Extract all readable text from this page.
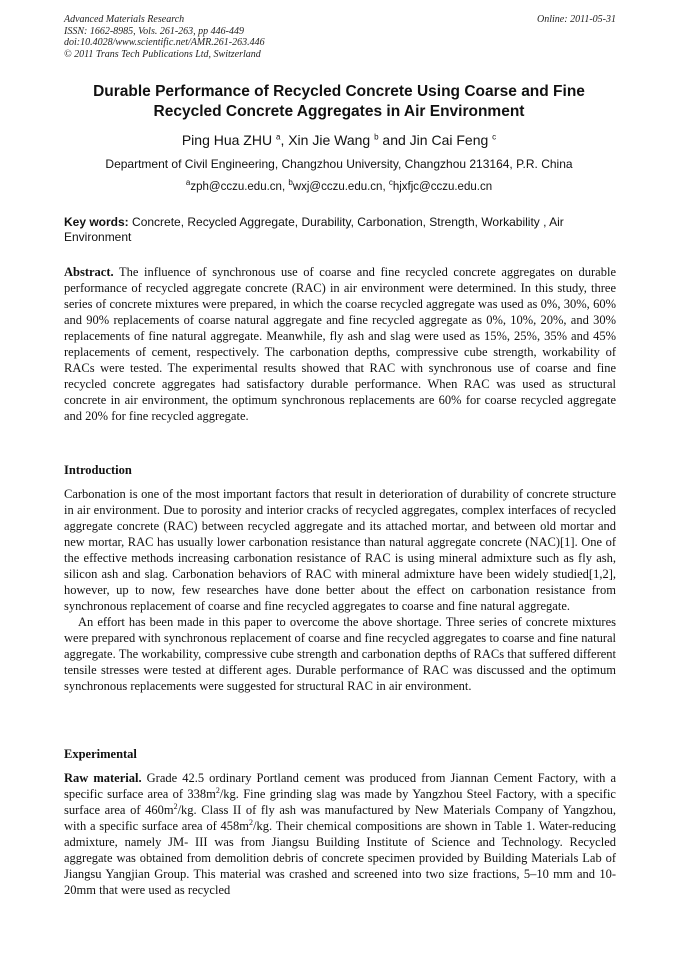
Advanced Materials Research
ISSN: 1662-8985, Vols. 261-263, pp 446-449
doi:10.4028/www.scientific.net/AMR.261-263.446
© 2011 Trans Tech Publications Ltd, Switzerland
Online: 2011-05-31
Durable Performance of Recycled Concrete Using Coarse and Fine Recycled Concrete Aggregates in Air Environment
Ping Hua ZHU $^a$, Xin Jie Wang $^b$ and Jin Cai Feng $^c$
Department of Civil Engineering, Changzhou University, Changzhou 213164, P.R. China
$^a$zph@cczu.edu.cn, $^b$wxj@cczu.edu.cn, $^c$hjxfjc@cczu.edu.cn
Key words: Concrete, Recycled Aggregate, Durability, Carbonation, Strength, Workability , Air Environment
Abstract. The influence of synchronous use of coarse and fine recycled concrete aggregates on durable performance of recycled aggregate concrete (RAC) in air environment were determined. In this study, three series of concrete mixtures were prepared, in which the coarse recycled aggregate was used as 0%, 30%, 60% and 90% replacements of coarse natural aggregate and fine recycled aggregate as 0%, 10%, 20%, and 30% replacements of fine natural aggregate. Meanwhile, fly ash and slag were used as 15%, 25%, 35% and 45% replacements of cement, respectively. The carbonation depths, compressive cube strength, workability of RACs were tested. The experimental results showed that RAC with synchronous use of coarse and fine recycled concrete aggregates had satisfactory durable performance. When RAC was used as structural concrete in air environment, the optimum synchronous replacements are 60% for coarse recycled aggregate and 20% for fine recycled aggregate.
Introduction

Carbonation is one of the most important factors that result in deterioration of durability of concrete structure in air environment. Due to porosity and interior cracks of recycled aggregates, complex interfaces of recycled aggregate concrete (RAC) between recycled aggregate and its attached mortar, and between old mortar and new mortar, RAC has usually lower carbonation resistance than natural aggregate concrete (NAC)[1]. One of the effective methods increasing carbonation resistance of RAC is using mineral admixture such as fly ash, silicon ash and slag. Carbonation behaviors of RAC with mineral admixture have been widely studied[1,2], however, up to now, few researches have done better about the effect on carbonation resistance from synchronous replacement of coarse and fine recycled aggregates to coarse and fine natural aggregate.

An effort has been made in this paper to overcome the above shortage. Three series of concrete mixtures were prepared with synchronous replacement of coarse and fine recycled aggregates to coarse and fine natural aggregate. The workability, compressive cube strength and carbonation depths of RACs that suffered different tensile stresses were tested at different ages. Durable performance of RAC was discussed and the optimum synchronous replacements were suggested for structural RAC in air environment.

Experimental
Raw material. Grade 42.5 ordinary Portland cement was produced from Jiannan Cement Factory, with a specific surface area of $338m^2/kg$. Fine grinding slag was made by Yangzhou Steel Factory, with a specific surface area of $460m^2/kg$. Class II of fly ash was manufactured by New Materials Company of Yangzhou, with a specific surface area of $458m^2/kg$. Their chemical compositions are shown in Table 1. Water-reducing admixture, namely JM- III was from Jiangsu Building Institute of Science and Technology. Recycled aggregate was obtained from demolition debris of concrete specimen provided by Building Materials Lab of Jiangsu Yangjian Group. This material was crashed and screened into two size fractions, 5–10 mm and 10-20mm that were used as recycled
